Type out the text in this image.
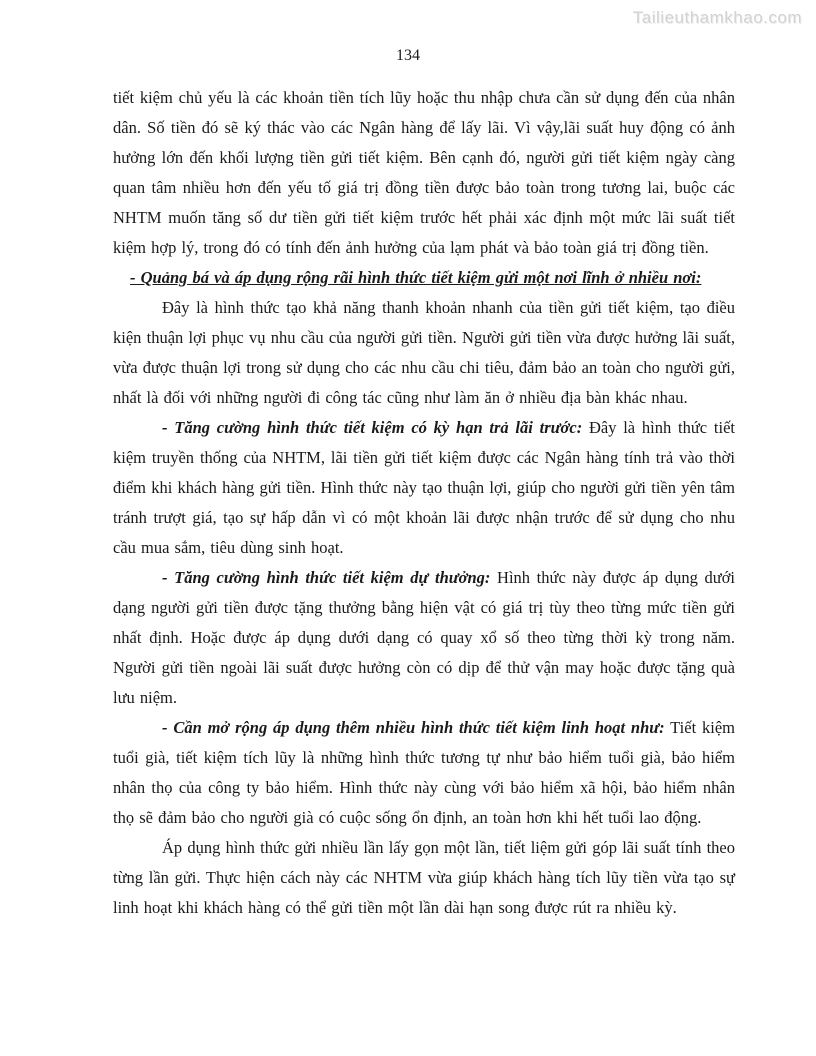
Tailieuthamkhao.com
134

tiết kiệm chủ yếu là các khoản tiền tích lũy hoặc thu nhập chưa cần sử dụng đến của nhân dân. Số tiền đó sẽ ký thác vào các Ngân hàng để lấy lãi. Vì vậy,lãi suất huy động có ảnh hưởng lớn đến khối lượng tiền gửi tiết kiệm. Bên cạnh đó, người gửi tiết kiệm ngày càng quan tâm nhiều hơn đến yếu tố giá trị đồng tiền được bảo toàn trong tương lai, buộc các NHTM muốn tăng số dư tiền gửi tiết kiệm trước hết phải xác định một mức lãi suất tiết kiệm hợp lý, trong đó có tính đến ảnh hưởng của lạm phát và bảo toàn giá trị đồng tiền.

- Quảng bá và áp dụng rộng rãi hình thức tiết kiệm gửi một nơi lĩnh ở nhiều nơi:

Đây là hình thức tạo khả năng thanh khoản nhanh của tiền gửi tiết kiệm, tạo điều kiện thuận lợi phục vụ nhu cầu của người gửi tiền. Người gửi tiền vừa được hưởng lãi suất, vừa được thuận lợi trong sử dụng cho các nhu cầu chi tiêu, đảm bảo an toàn cho người gửi, nhất là đối với những người đi công tác cũng như làm ăn ở nhiều địa bàn khác nhau.

- Tăng cường hình thức tiết kiệm có kỳ hạn trả lãi trước: Đây là hình thức tiết kiệm truyền thống của NHTM, lãi tiền gửi tiết kiệm được các Ngân hàng tính trả vào thời điểm khi khách hàng gửi tiền. Hình thức này tạo thuận lợi, giúp cho người gửi tiền yên tâm tránh trượt giá, tạo sự hấp dẫn vì có một khoản lãi được nhận trước để sử dụng cho nhu cầu mua sắm, tiêu dùng sinh hoạt.

- Tăng cường hình thức tiết kiệm dự thưởng: Hình thức này được áp dụng dưới dạng người gửi tiền được tặng thưởng bằng hiện vật có giá trị tùy theo từng mức tiền gửi nhất định. Hoặc được áp dụng dưới dạng có quay xổ số theo từng thời kỳ trong năm. Người gửi tiền ngoài lãi suất được hưởng còn có dịp để thử vận may hoặc được tặng quà lưu niệm.

- Cần mở rộng áp dụng thêm nhiều hình thức tiết kiệm linh hoạt như: Tiết kiệm tuổi già, tiết kiệm tích lũy là những hình thức tương tự như bảo hiểm tuổi già, bảo hiểm nhân thọ của công ty bảo hiểm. Hình thức này cùng với bảo hiểm xã hội, bảo hiểm nhân thọ sẽ đảm bảo cho người già có cuộc sống ổn định, an toàn hơn khi hết tuổi lao động.

Áp dụng hình thức gửi nhiều lần lấy gọn một lần, tiết liệm gửi góp lãi suất tính theo từng lần gửi. Thực hiện cách này các NHTM vừa giúp khách hàng tích lũy tiền vừa tạo sự linh hoạt khi khách hàng có thể gửi tiền một lần dài hạn song được rút ra nhiều kỳ.
